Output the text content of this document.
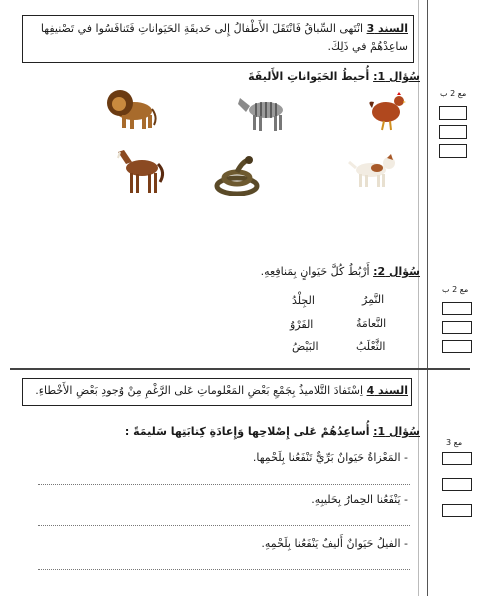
السند 3 انْتَهى السِّباقُ فَانْتَقَلَ الأَطْفالُ إِلى حَديقَةِ الحَيَواناتِ فَتَنافَسُوا في تَصْنيفِها
ساعِدْهُمْ في ذَلِكَ.
سُؤال 1: أُحيطُ الحَيَواناتِ الأَليفَةَ
مع 2 ب
سُؤال 2: أَرْبُطُ كُلَّ حَيَوانٍ بِمَنافِعِهِ.
مع 2 ب
النَّمِرُ
النَّعامَةُ
الثَّعْلَبُ
الجِلْدُ
الفَرْوُ
البَيْضُ
السند 4 اِسْتَفادَ التَّلاميذُ بِجَمْعِ بَعْضِ المَعْلوماتِ عَلى الرَّغْمِ مِنْ وُجودِ بَعْضِ الأَخْطاءِ.
سُؤال 1: أُساعِدُهُمْ عَلى إِصْلاحِها وَإِعادَةِ كِتابَتِها سَليمَةً :
مع 3
- المَعْزاةُ حَيَوانٌ بَرِّيٌّ تَنْفَعُنا بِلَحْمِها.
- يَنْفَعُنا الحِمارُ بِحَليبِهِ.
- الفيلُ حَيَوانٌ أَليفٌ يَنْفَعُنا بِلَحْمِهِ.
